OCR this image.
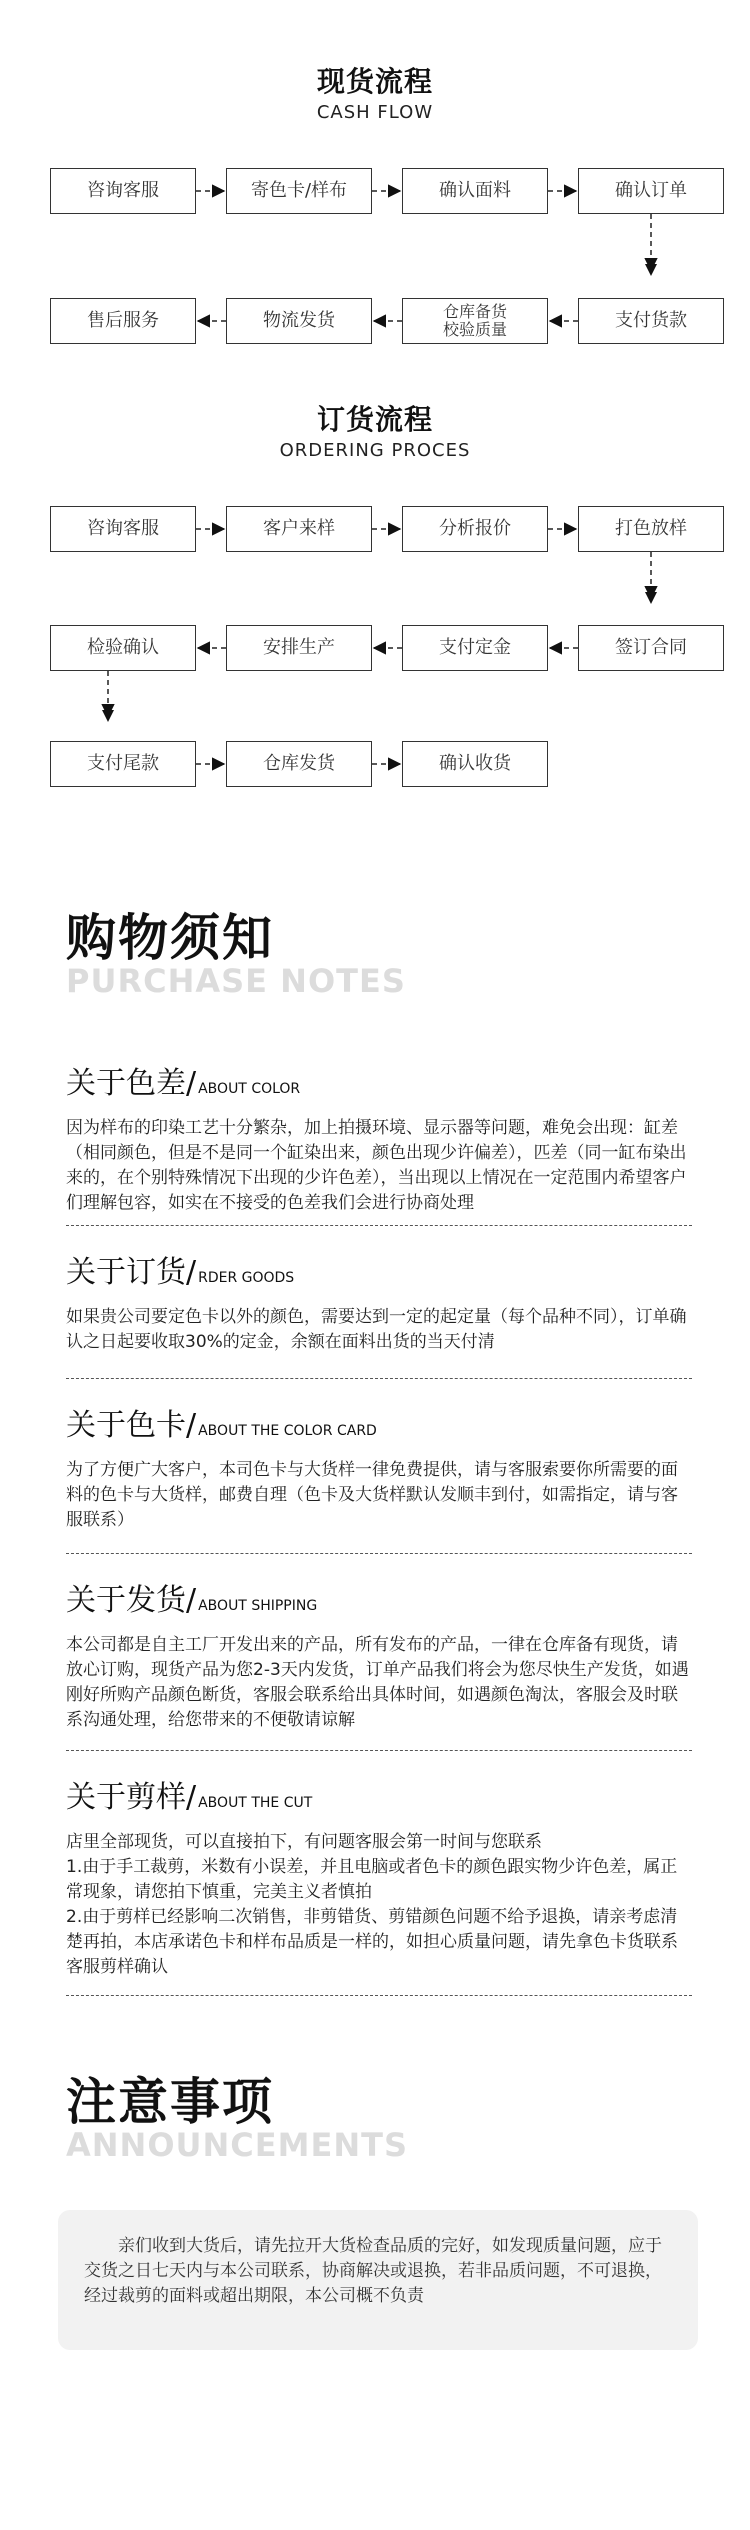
现货流程
CASH FLOW
咨询客服	寄色卡/样布	确认面料	确认订单
支付货款
仓库备货
校验质量
物流发货
售后服务
订货流程
ORDERING PROCES
咨询客服	客户来样	分析报价	打色放样
签订合同
支付定金
安排生产
检验确认
支付尾款	仓库发货	确认收货
购物须知
PURCHASE NOTES
关于色差 / ABOUT COLOR
因为样布的印染工艺十分繁杂，加上拍摄环境、显示器等问题，难免会出现：缸差（相同颜色，但是不是同一个缸染出来，颜色出现少许偏差），匹差（同一缸布染出来的，在个别特殊情况下出现的少许色差），当出现以上情况在一定范围内希望客户们理解包容，如实在不接受的色差我们会进行协商处理
关于订货 / RDER GOODS
如果贵公司要定色卡以外的颜色，需要达到一定的起定量（每个品种不同），订单确认之日起要收取30%的定金，余额在面料出货的当天付清
关于色卡 / ABOUT THE COLOR CARD
为了方便广大客户，本司色卡与大货样一律免费提供，请与客服索要你所需要的面料的色卡与大货样，邮费自理（色卡及大货样默认发顺丰到付，如需指定，请与客服联系）
关于发货 / ABOUT SHIPPING
本公司都是自主工厂开发出来的产品，所有发布的产品，一律在仓库备有现货，请放心订购，现货产品为您2-3天内发货，订单产品我们将会为您尽快生产发货，如遇刚好所购产品颜色断货，客服会联系给出具体时间，如遇颜色淘汰，客服会及时联系沟通处理，给您带来的不便敬请谅解
关于剪样 / ABOUT THE CUT
店里全部现货，可以直接拍下，有问题客服会第一时间与您联系
1.由于手工裁剪，米数有小误差，并且电脑或者色卡的颜色跟实物少许色差，属正常现象，请您拍下慎重，完美主义者慎拍
2.由于剪样已经影响二次销售，非剪错货、剪错颜色问题不给予退换，请亲考虑清楚再拍，本店承诺色卡和样布品质是一样的，如担心质量问题，请先拿色卡货联系客服剪样确认
注意事项
ANNOUNCEMENTS
亲们收到大货后，请先拉开大货检查品质的完好，如发现质量问题，应于交货之日七天内与本公司联系，协商解决或退换，若非品质问题，不可退换，经过裁剪的面料或超出期限，本公司概不负责
